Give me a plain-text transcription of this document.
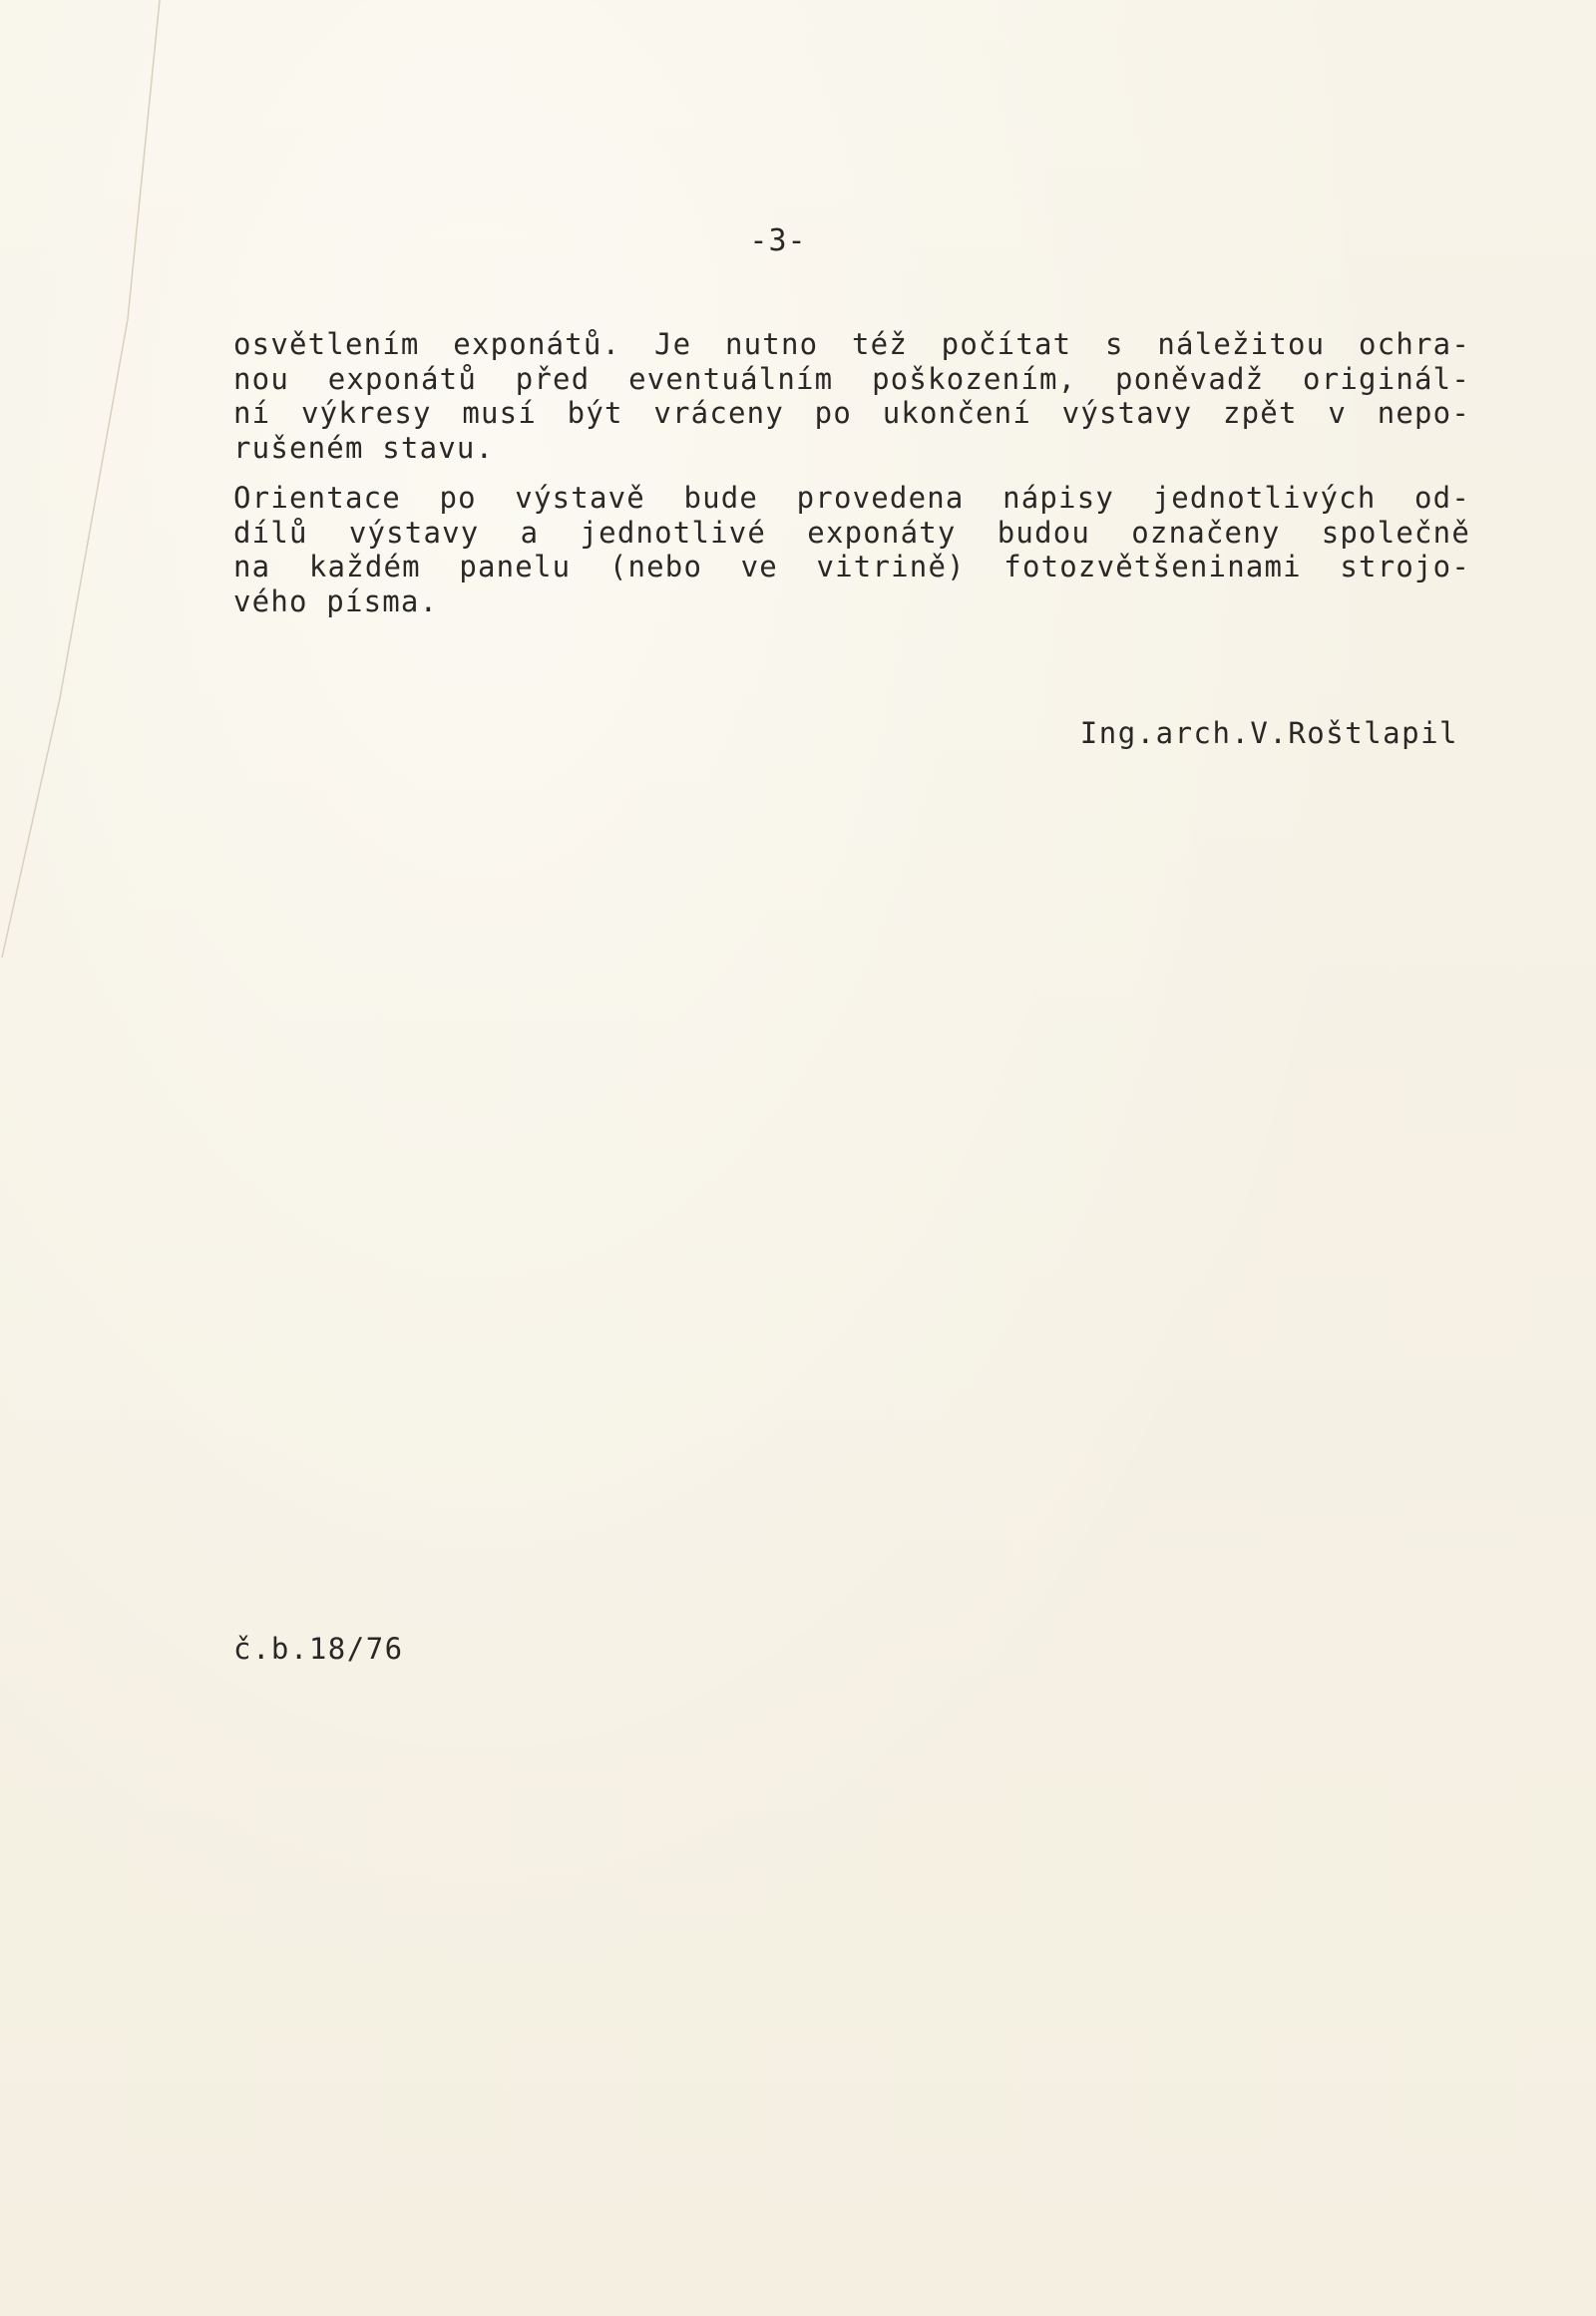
-3-

osvětlením exponátů. Je nutno též počítat s náležitou ochra-
nou exponátů před eventuálním poškozením, poněvadž originál-
ní výkresy musí být vráceny po ukončení výstavy zpět v nepo-
rušeném stavu.

Orientace po výstavě bude provedena nápisy jednotlivých od-
dílů výstavy a jednotlivé exponáty budou označeny společně
na každém panelu (nebo ve vitrině) fotozvětšeninami strojo-
vého písma.

Ing.arch.V.Roštlapil
č.b.18/76
